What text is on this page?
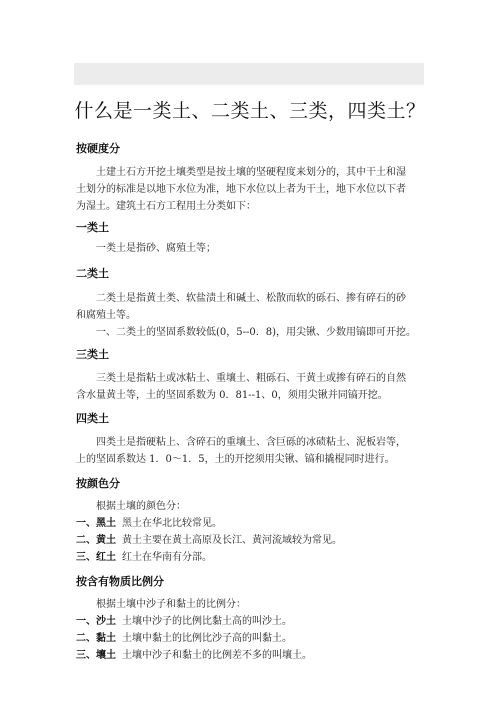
什么是一类土、二类土、三类，四类土？
按硬度分
土建土石方开挖土壤类型是按土壤的坚硬程度来划分的，其中干土和湿
土划分的标准是以地下水位为准，地下水位以上者为干土，地下水位以下者
为湿土。建筑土石方工程用土分类如下：
一类土
一类土是指砂、腐殖土等；
二类土
二类土是指黄土类、软盐渍土和碱土、松散而软的砾石、掺有碎石的砂
和腐殖土等。
一、二类土的坚固系数较低(0，5--0．8)，用尖锹、少数用镐即可开挖。
三类土
三类土是指粘土或冰粘土、重壤土、粗砾石、干黄土或掺有碎石的自然
含水量黄土等，土的坚固系数为 0．81--1、0，须用尖锹并同镐开挖。
四类土
四类土是指硬粘上、含碎石的重壤土、含巨砾的冰碛粘土、泥板岩等，
上的坚固系数达 1．0～1．5，土的开挖须用尖锹、镐和撬棍同时进行。
按颜色分
根据土壤的颜色分：
一、黑土 黑土在华北比较常见。
二、黄土 黄土主要在黄土高原及长江、黄河流域较为常见。
三、红土 红土在华南有分部。
按含有物质比例分
根据土壤中沙子和黏土的比例分：
一、沙土 土壤中沙子的比例比黏土高的叫沙土。
二、黏土 土壤中黏土的比例比沙子高的叫黏土。
三、壤土 土壤中沙子和黏土的比例差不多的叫壤土。
